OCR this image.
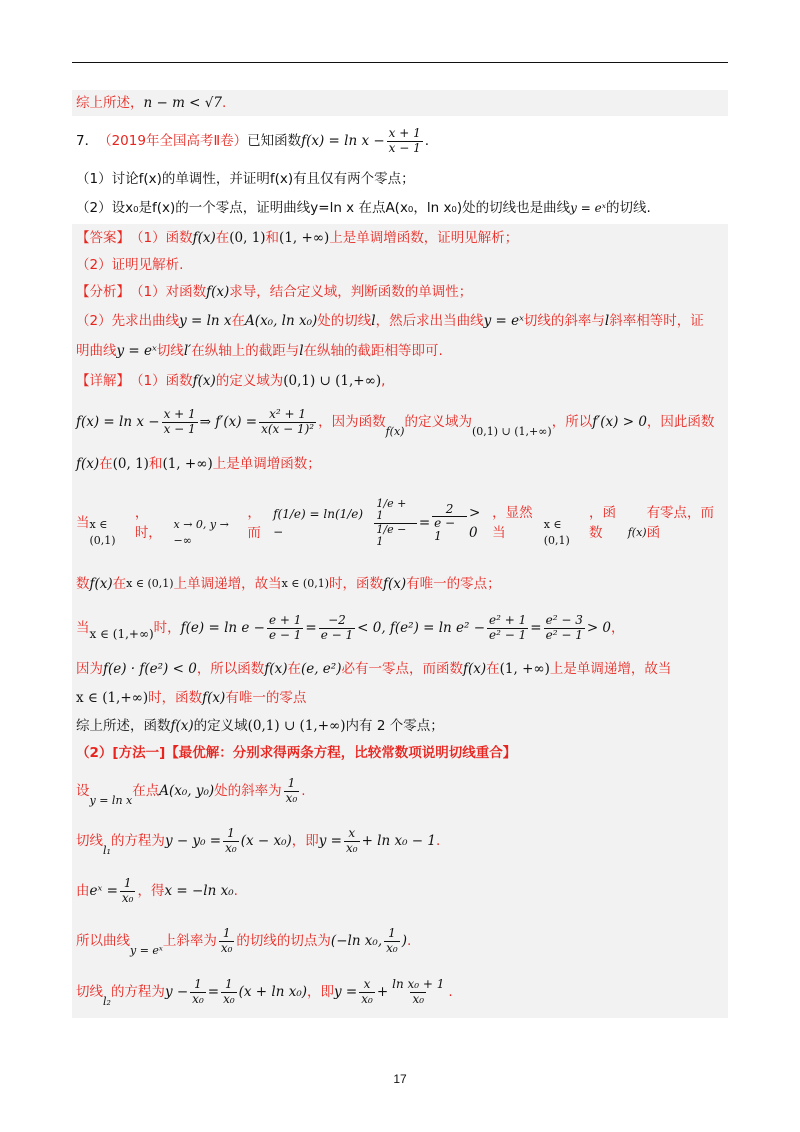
综上所述， n − m < √7 .
7． （2019年全国高考Ⅱ卷） 已知函数 $f(x) = \ln x - \frac{x + 1}{x - 1}$ .
（1）讨论f(x)的单调性，并证明f(x)有且仅有两个零点；
（2）设x₀是f(x)的一个零点，证明曲线y=ln x 在点A(x₀，ln x₀)处的切线也是曲线 y = eˣ 的切线.
【答案】 （1）函数 f(x) 在 (0, 1) 和 (1, +∞) 上是单调增函数，证明见解析；
（2）证明见解析.
【分析】 （1）对函数 f(x) 求导，结合定义域，判断函数的单调性；
（2）先求出曲线 y = ln x 在 A(x₀, ln x₀) 处的切线 l ，然后求出当曲线 y = eˣ 切线的斜率与 l 斜率相等时，证
明曲线 y = eˣ 切线 l′ 在纵轴上的截距与 l 在纵轴的截距相等即可.
【详解】 （1）函数 f(x) 的定义域为 (0,1) ∪ (1,+∞) ,
$f(x) = \ln x - \frac{x + 1}{x - 1}$ ⇒ $f'(x) = \frac{\text{x² + 1}}{\text{x(x − 1)²}}$ ，因为函数
f(x)
的定义域为
(0,1) ∪ (1,+∞)
，所以 f′(x) > 0 ，因此函数
f(x) 在 (0, 1) 和 (1, +∞) 上是单调增函数；
当 x ∈ (0,1)
，时，
x → 0, y → −∞
，而
f(1/e) = ln(1/e) −	$\frac{1/e + 1}{1/e - 1} = \frac{2}{e - 1} > 0$
，显然当
x ∈ (0,1)
，函数	f(x)
有零点，而函
数 f(x) 在 x ∈ (0,1) 上单调递增，故当 x ∈ (0,1) 时，函数 f(x) 有唯一的零点；
当 x ∈ (1,+∞) 时， $f(e) = \ln e - \frac{e + 1}{e - 1} = \frac{-2}{e - 1} < 0$, $f(e^2) = \ln e^2 - \frac{\text{e² + 1}}{\text{e² − 1}} = \frac{\text{e² − 3}}{\text{e² − 1}} > 0$ ，
因为 f(e) · f(e²) < 0 ，所以函数 f(x) 在 (e, e²) 必有一零点，而函数 f(x) 在 (1, +∞) 上是单调递增，故当
x ∈ (1,+∞) 时，函数 f(x) 有唯一的零点
综上所述，函数 f(x) 的定义域 (0,1) ∪ (1,+∞) 内有 2 个零点；
（2）[方法一]【最优解：分别求得两条方程，比较常数项说明切线重合】
设
y = ln x
在点 A(x₀, y₀) 处的斜率为 $\frac{1}{\text{x₀}}$ .
切线
l₁
的方程为 $y - y_0 = \frac{1}{\text{x₀}} (x - x_0)$ ，即 $y = \frac{x}{\text{x₀}} + \ln x_0 - 1$ .
由 eˣ = $\frac{1}{\text{x₀}}$ ，得 x = −ln x₀ .
所以曲线
y = eˣ
上斜率为 $\frac{1}{\text{x₀}}$ 的切线的切点为 (−ln x₀, $\frac{1}{\text{x₀}}$ ) .
切线
l₂
的方程为 $y - \frac{1}{\text{x₀}} = \frac{1}{\text{x₀}} (x + \ln x_0)$ ，即 $y = \frac{x}{\text{x₀}} + \frac{\text{ln x₀ + 1}}{\text{x₀}}$ .
17
